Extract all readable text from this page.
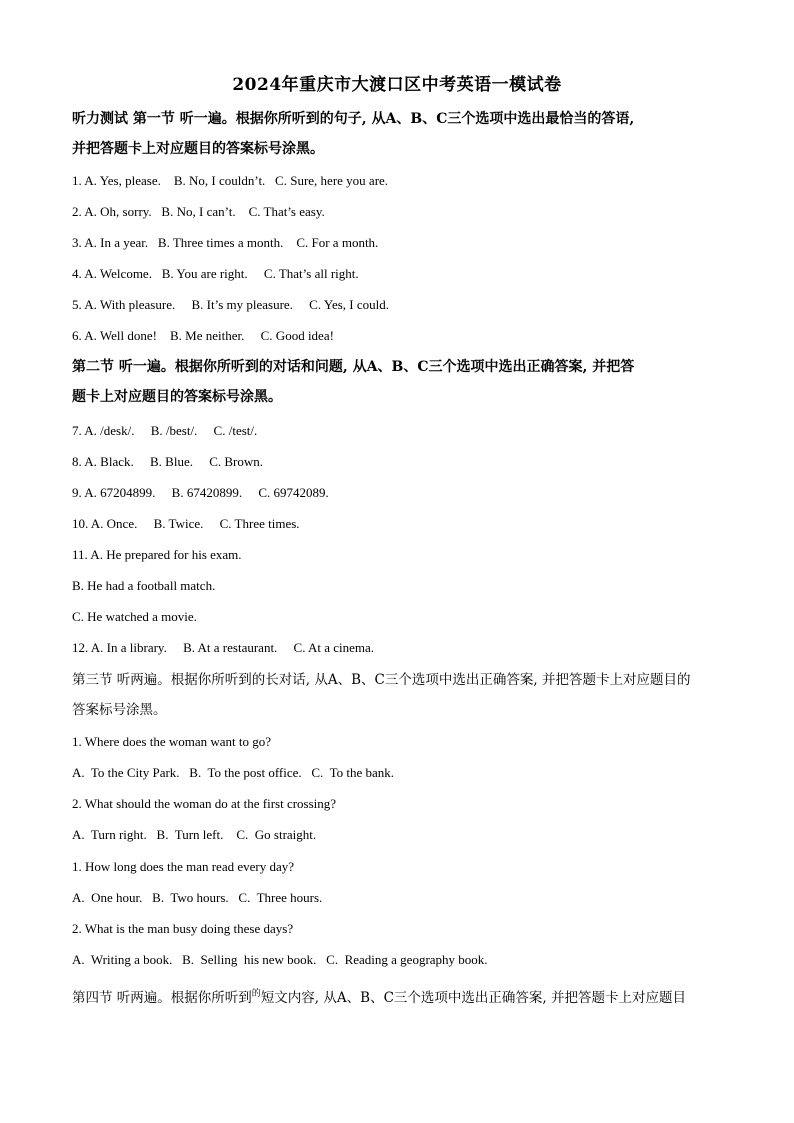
2024年重庆市大渡口区中考英语一模试卷
听力测试 第一节 听一遍。根据你所听到的句子, 从A、B、C三个选项中选出最恰当的答语,
并把答题卡上对应题目的答案标号涂黑。
1. A. Yes, please.    B. No, I couldn’t.   C. Sure, here you are.
2. A. Oh, sorry.   B. No, I can’t.    C. That’s easy.
3. A. In a year.   B. Three times a month.    C. For a month.
4. A. Welcome.   B. You are right.     C. That’s all right.
5. A. With pleasure.     B. It’s my pleasure.     C. Yes, I could.
6. A. Well done!    B. Me neither.     C. Good idea!
第二节 听一遍。根据你所听到的对话和问题, 从A、B、C三个选项中选出正确答案, 并把答
题卡上对应题目的答案标号涂黑。
7. A. /desk/.     B. /best/.     C. /test/.
8. A. Black.     B. Blue.     C. Brown.
9. A. 67204899.     B. 67420899.     C. 69742089.
10. A. Once.     B. Twice.     C. Three times.
11. A. He prepared for his exam.
B. He had a football match.
C. He watched a movie.
12. A. In a library.     B. At a restaurant.     C. At a cinema.
第三节 听两遍。根据你所听到的长对话, 从A、B、C三个选项中选出正确答案, 并把答题卡上对应题目的
答案标号涂黑。
1. Where does the woman want to go?
A.  To the City Park.   B.  To the post office.   C.  To the bank.
2. What should the woman do at the first crossing?
A.  Turn right.   B.  Turn left.    C.  Go straight.
1. How long does the man read every day?
A.  One hour.   B.  Two hours.   C.  Three hours.
2. What is the man busy doing these days?
A.  Writing a book.   B.  Selling  his new book.   C.  Reading a geography book.
第四节 听两遍。根据你所听到$^的$短文内容, 从A、B、C三个选项中选出正确答案, 并把答题卡上对应题目
